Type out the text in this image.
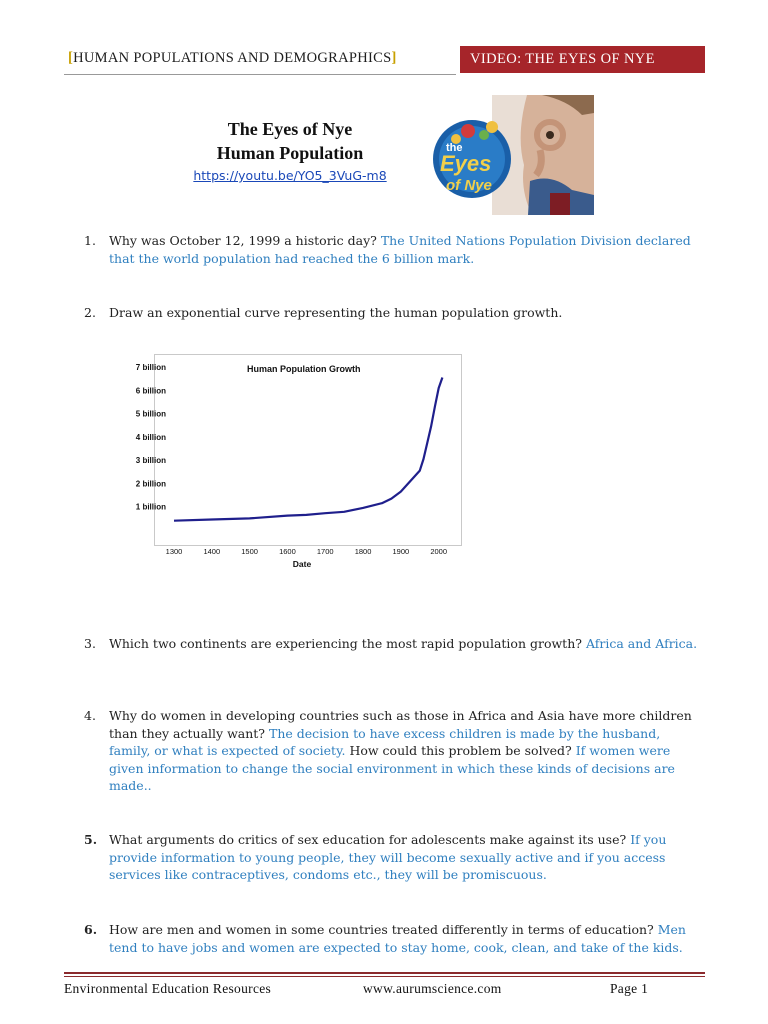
[HUMAN POPULATIONS AND DEMOGRAPHICS]	VIDEO: THE EYES OF NYE
The Eyes of Nye
Human Population
https://youtu.be/YO5_3VuG-m8
the
Eyes
of Nye
1. Why was October 12, 1999 a historic day? The United Nations Population Division declared that the world population had reached the 6 billion mark.
2. Draw an exponential curve representing the human population growth.
Human Population Growth
1 billion
2 billion
3 billion
4 billion
5 billion
6 billion
7 billion
1300	1400	1500	1600	1700	1800	1900	2000
Date
3. Which two continents are experiencing the most rapid population growth? Africa and Africa.
4. Why do women in developing countries such as those in Africa and Asia have more children than they actually want? The decision to have excess children is made by the husband, family, or what is expected of society. How could this problem be solved? If women were given information to change the social environment in which these kinds of decisions are made..
5. What arguments do critics of sex education for adolescents make against its use? If you provide information to young people, they will become sexually active and if you access services like contraceptives, condoms etc., they will be promiscuous.
6. How are men and women in some countries treated differently in terms of education? Men tend to have jobs and women are expected to stay home, cook, clean, and take of the kids.
Environmental Education Resources	www.aurumscience.com	Page 1
